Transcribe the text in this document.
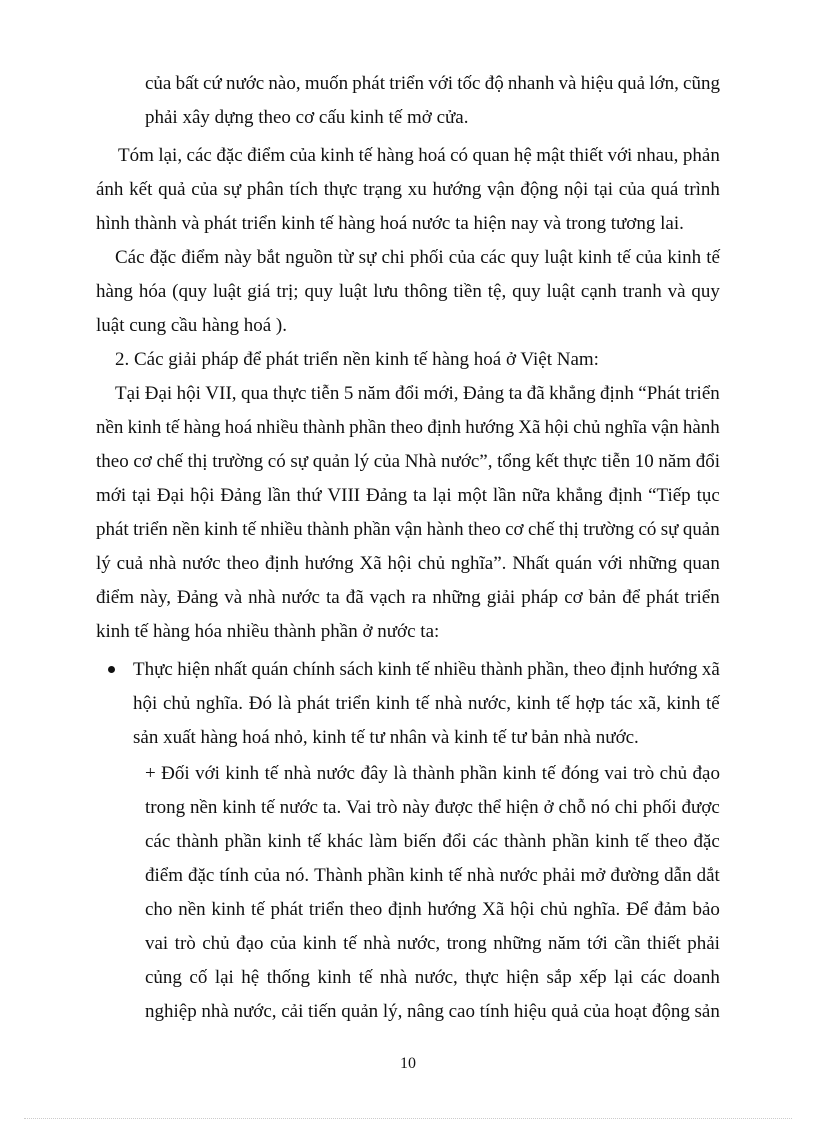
của bất cứ nước nào, muốn phát triển với tốc độ nhanh và hiệu quả lớn, cũng
phải xây dựng theo cơ cấu kinh tế mở cửa.
Tóm lại, các đặc điểm của kinh tế hàng hoá có quan hệ mật thiết với nhau, phản
ánh kết quả của sự phân tích thực trạng xu hướng vận động nội tại của quá trình
hình thành và phát triển kinh tế hàng hoá nước ta hiện nay và trong tương lai.
Các đặc điểm này bắt nguồn từ sự chi phối của các quy luật kinh tế của kinh tế
hàng hóa (quy luật giá trị; quy luật lưu thông tiền tệ, quy luật cạnh tranh và quy
luật cung cầu hàng hoá ).
2. Các giải pháp để phát triển nền kinh tế hàng hoá ở Việt Nam:
Tại Đại hội VII, qua thực tiễn 5 năm đổi mới, Đảng ta đã khẳng định “Phát triển
nền kinh tế hàng hoá nhiều thành phần theo định hướng Xã hội chủ nghĩa vận hành
theo cơ chế thị trường có sự quản lý của Nhà nước”, tổng kết thực tiễn 10 năm đổi
mới tại Đại hội Đảng lần thứ VIII Đảng ta lại một lần nữa khẳng định “Tiếp tục
phát triển nền kinh tế nhiều thành phần vận hành theo cơ chế thị trường có sự quản
lý cuả nhà nước theo định hướng Xã hội chủ nghĩa”. Nhất quán với những quan
điểm này, Đảng và nhà nước ta đã vạch ra những giải pháp cơ bản để phát triển
kinh tế hàng hóa nhiều thành phần ở nước ta:
Thực hiện nhất quán chính sách kinh tế nhiều thành phần, theo định hướng xã
hội chủ nghĩa. Đó là phát triển kinh tế nhà nước, kinh tế hợp tác xã, kinh tế
sản xuất hàng hoá nhỏ, kinh tế tư nhân và kinh tế tư bản nhà nước.
+ Đối với kinh tế nhà nước đây là thành phần kinh tế đóng vai trò chủ đạo
trong nền kinh tế nước ta. Vai trò này được thể hiện ở chỗ nó chi phối được
các thành phần kinh tế khác làm biến đổi các thành phần kinh tế theo đặc
điểm đặc tính của nó. Thành phần kinh tế nhà nước phải mở đường dẫn dắt
cho nền kinh tế phát triển theo định hướng Xã hội chủ nghĩa. Để đảm bảo
vai trò chủ đạo của kinh tế nhà nước, trong những năm tới cần thiết phải
củng cố lại hệ thống kinh tế nhà nước, thực hiện sắp xếp lại các doanh
nghiệp nhà nước, cải tiến quản lý, nâng cao tính hiệu quả của hoạt động sản
10
